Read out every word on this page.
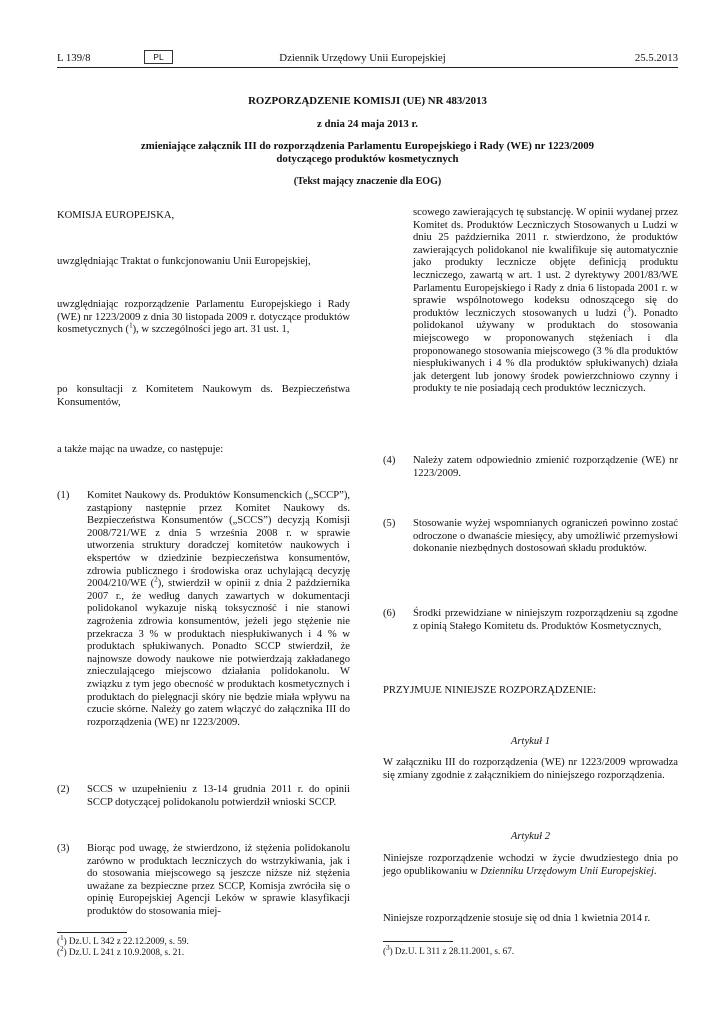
L 139/8	PL	Dziennik Urzędowy Unii Europejskiej	25.5.2013
ROZPORZĄDZENIE KOMISJI (UE) NR 483/2013
z dnia 24 maja 2013 r.
zmieniające załącznik III do rozporządzenia Parlamentu Europejskiego i Rady (WE) nr 1223/2009
dotyczącego produktów kosmetycznych
(Tekst mający znaczenie dla EOG)
KOMISJA EUROPEJSKA,
uwzględniając Traktat o funkcjonowaniu Unii Europejskiej,
uwzględniając rozporządzenie Parlamentu Europejskiego i Rady (WE) nr 1223/2009 z dnia 30 listopada 2009 r. dotyczące produktów kosmetycznych ($^1$), w szczególności jego art. 31 ust. 1,
po konsultacji z Komitetem Naukowym ds. Bezpieczeństwa Konsumentów,
a także mając na uwadze, co następuje:
(1) Komitet Naukowy ds. Produktów Konsumenckich („SCCP”), zastąpiony następnie przez Komitet Naukowy ds. Bezpieczeństwa Konsumentów („SCCS”) decyzją Komisji 2008/721/WE z dnia 5 września 2008 r. w sprawie utworzenia struktury doradczej komitetów naukowych i ekspertów w dziedzinie bezpieczeństwa konsumentów, zdrowia publicznego i środowiska oraz uchylającą decyzję 2004/210/WE ($^2$), stwierdził w opinii z dnia 2 października 2007 r., że według danych zawartych w dokumentacji polidokanol wykazuje niską toksyczność i nie stanowi zagrożenia zdrowia konsumentów, jeżeli jego stężenie nie przekracza 3 % w produktach niespłukiwanych i 4 % w produktach spłukiwanych. Ponadto SCCP stwierdził, że najnowsze dowody naukowe nie potwierdzają zakładanego znieczulającego miejscowo działania polidokanolu. W związku z tym jego obecność w produktach kosmetycznych i produktach do pielęgnacji skóry nie będzie miała wpływu na czucie skórne. Należy go zatem włączyć do załącznika III do rozporządzenia (WE) nr 1223/2009.
(2) SCCS w uzupełnieniu z 13-14 grudnia 2011 r. do opinii SCCP dotyczącej polidokanolu potwierdził wnioski SCCP.
(3) Biorąc pod uwagę, że stwierdzono, iż stężenia polidokanolu zarówno w produktach leczniczych do wstrzykiwania, jak i do stosowania miejscowego są jeszcze niższe niż stężenia uważane za bezpieczne przez SCCP, Komisja zwróciła się o opinię Europejskiej Agencji Leków w sprawie klasyfikacji produktów do stosowania miej-
($^1$) Dz.U. L 342 z 22.12.2009, s. 59.
($^2$) Dz.U. L 241 z 10.9.2008, s. 21.
scowego zawierających tę substancję. W opinii wydanej przez Komitet ds. Produktów Leczniczych Stosowanych u Ludzi w dniu 25 października 2011 r. stwierdzono, że produktów zawierających polidokanol nie kwalifikuje się automatycznie jako produkty lecznicze objęte definicją produktu leczniczego, zawartą w art. 1 ust. 2 dyrektywy 2001/83/WE Parlamentu Europejskiego i Rady z dnia 6 listopada 2001 r. w sprawie wspólnotowego kodeksu odnoszącego się do produktów leczniczych stosowanych u ludzi ($^3$). Ponadto polidokanol używany w produktach do stosowania miejscowego w proponowanych stężeniach i dla proponowanego stosowania miejscowego (3 % dla produktów niespłukiwanych i 4 % dla produktów spłukiwanych) działa jak detergent lub jonowy środek powierzchniowo czynny i produkty te nie posiadają cech produktów leczniczych.
(4) Należy zatem odpowiednio zmienić rozporządzenie (WE) nr 1223/2009.
(5) Stosowanie wyżej wspomnianych ograniczeń powinno zostać odroczone o dwanaście miesięcy, aby umożliwić przemysłowi dokonanie niezbędnych dostosowań składu produktów.
(6) Środki przewidziane w niniejszym rozporządzeniu są zgodne z opinią Stałego Komitetu ds. Produktów Kosmetycznych,
PRZYJMUJE NINIEJSZE ROZPORZĄDZENIE:
Artykuł 1
W załączniku III do rozporządzenia (WE) nr 1223/2009 wprowadza się zmiany zgodnie z załącznikiem do niniejszego rozporządzenia.
Artykuł 2
Niniejsze rozporządzenie wchodzi w życie dwudziestego dnia po jego opublikowaniu w Dzienniku Urzędowym Unii Europejskiej.
Niniejsze rozporządzenie stosuje się od dnia 1 kwietnia 2014 r.
($^3$) Dz.U. L 311 z 28.11.2001, s. 67.
